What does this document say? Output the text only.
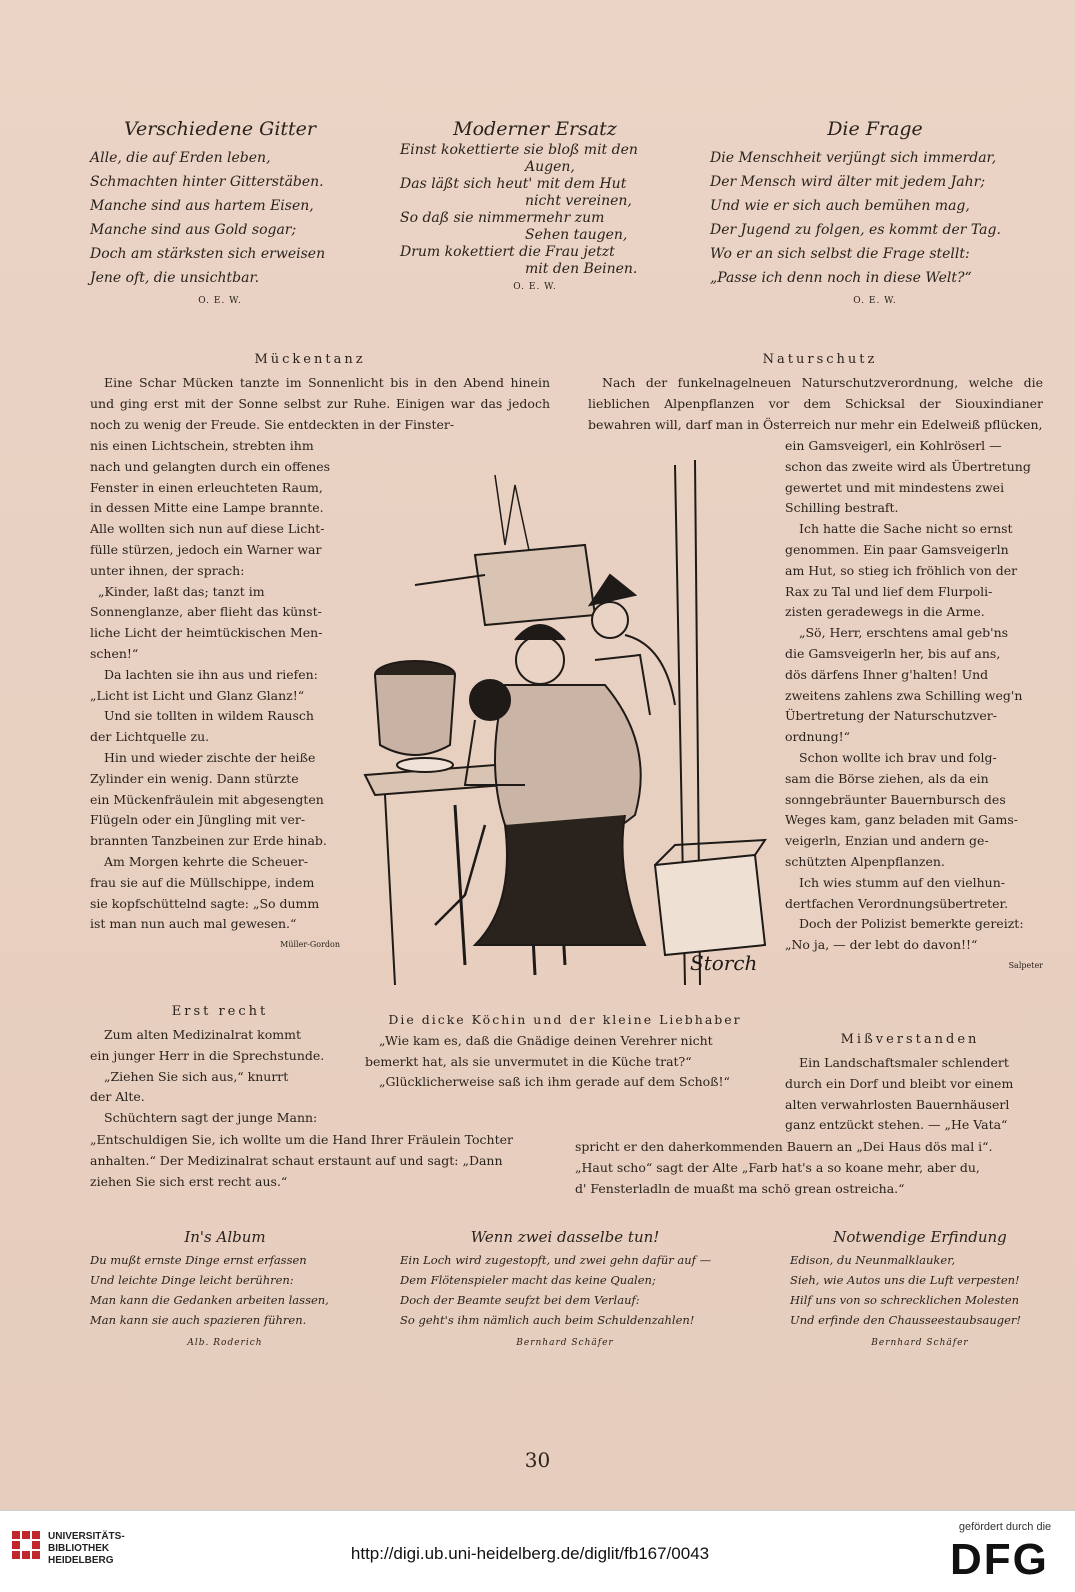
Verschiedene Gitter
Alle, die auf Erden leben,
Schmachten hinter Gitterstäben.
Manche sind aus hartem Eisen,
Manche sind aus Gold sogar;
Doch am stärksten sich erweisen
Jene oft, die unsichtbar.
O. E. W.
Moderner Ersatz
Einst kokettierte sie bloß mit den
Augen,
Das läßt sich heut' mit dem Hut
nicht vereinen,
So daß sie nimmermehr zum
Sehen taugen,
Drum kokettiert die Frau jetzt
mit den Beinen.
O. E. W.
Die Frage
Die Menschheit verjüngt sich immerdar,
Der Mensch wird älter mit jedem Jahr;
Und wie er sich auch bemühen mag,
Der Jugend zu folgen, es kommt der Tag.
Wo er an sich selbst die Frage stellt:
„Passe ich denn noch in diese Welt?“
O. E. W.
Mückentanz

Eine Schar Mücken tanzte im Sonnenlicht bis in den Abend hinein und ging erst mit der Sonne selbst zur Ruhe. Einigen war das jedoch noch zu wenig der Freude. Sie entdeckten in der Finster-

nis einen Lichtschein, strebten ihm
nach und gelangten durch ein offenes
Fenster in einen erleuchteten Raum,
in dessen Mitte eine Lampe brannte.
Alle wollten sich nun auf diese Licht-
fülle stürzen, jedoch ein Warner war
unter ihnen, der sprach:
„Kinder, laßt das; tanzt im
Sonnenglanze, aber flieht das künst-
liche Licht der heimtückischen Men-
schen!“
Da lachten sie ihn aus und riefen:
„Licht ist Licht und Glanz Glanz!“
Und sie tollten in wildem Rausch
der Lichtquelle zu.
Hin und wieder zischte der heiße
Zylinder ein wenig. Dann stürzte
ein Mückenfräulein mit abgesengten
Flügeln oder ein Jüngling mit ver-
brannten Tanzbeinen zur Erde hinab.
Am Morgen kehrte die Scheuer-
frau sie auf die Müllschippe, indem
sie kopfschüttelnd sagte: „So dumm
ist man nun auch mal gewesen.“
Müller-Gordon
Naturschutz

Nach der funkelnagelneuen Naturschutzverordnung, welche die lieblichen Alpenpflanzen vor dem Schicksal der Siouxindianer bewahren will, darf man in Österreich nur mehr ein Edelweiß pflücken,

ein Gamsveigerl, ein Kohlröserl —
schon das zweite wird als Übertretung
gewertet und mit mindestens zwei
Schilling bestraft.
Ich hatte die Sache nicht so ernst
genommen. Ein paar Gamsveigerln
am Hut, so stieg ich fröhlich von der
Rax zu Tal und lief dem Flurpoli-
zisten geradewegs in die Arme.
„Sö, Herr, erschtens amal geb'ns
die Gamsveigerln her, bis auf ans,
dös därfens Ihner g'halten! Und
zweitens zahlens zwa Schilling weg'n
Übertretung der Naturschutzver-
ordnung!“
Schon wollte ich brav und folg-
sam die Börse ziehen, als da ein
sonngebräunter Bauernbursch des
Weges kam, ganz beladen mit Gams-
veigerln, Enzian und andern ge-
schützten Alpenpflanzen.
Ich wies stumm auf den vielhun-
dertfachen Verordnungsübertreter.
Doch der Polizist bemerkte gereizt:
„No ja, — der lebt do davon!!“
Salpeter
Storch
Die dicke Köchin und der kleine Liebhaber
„Wie kam es, daß die Gnädige deinen Verehrer nicht
bemerkt hat, als sie unvermutet in die Küche trat?“
„Glücklicherweise saß ich ihm gerade auf dem Schoß!“
Erst recht
Zum alten Medizinalrat kommt
ein junger Herr in die Sprechstunde.
„Ziehen Sie sich aus,“ knurrt
der Alte.
Schüchtern sagt der junge Mann:
„Entschuldigen Sie, ich wollte um die Hand Ihrer Fräulein Tochter
anhalten.“ Der Medizinalrat schaut erstaunt auf und sagt: „Dann
ziehen Sie sich erst recht aus.“
Mißverstanden
Ein Landschaftsmaler schlendert
durch ein Dorf und bleibt vor einem
alten verwahrlosten Bauernhäuserl
ganz entzückt stehen. — „He Vata“
spricht er den daherkommenden Bauern an „Dei Haus dös mal i“.
„Haut scho“ sagt der Alte „Farb hat's a so koane mehr, aber du,
d' Fensterladln de muaßt ma schö grean ostreicha.“
In's Album
Du mußt ernste Dinge ernst erfassen
Und leichte Dinge leicht berühren:
Man kann die Gedanken arbeiten lassen,
Man kann sie auch spazieren führen.
Alb. Roderich
Wenn zwei dasselbe tun!
Ein Loch wird zugestopft, und zwei gehn dafür auf —
Dem Flötenspieler macht das keine Qualen;
Doch der Beamte seufzt bei dem Verlauf:
So geht's ihm nämlich auch beim Schuldenzahlen!
Bernhard Schäfer
Notwendige Erfindung
Edison, du Neunmalklauker,
Sieh, wie Autos uns die Luft verpesten!
Hilf uns von so schrecklichen Molesten
Und erfinde den Chausseestaubsauger!
Bernhard Schäfer
30
UNIVERSITÄTS-
BIBLIOTHEK
HEIDELBERG	http://digi.ub.uni-heidelberg.de/diglit/fb167/0043
gefördert durch die
DFG
